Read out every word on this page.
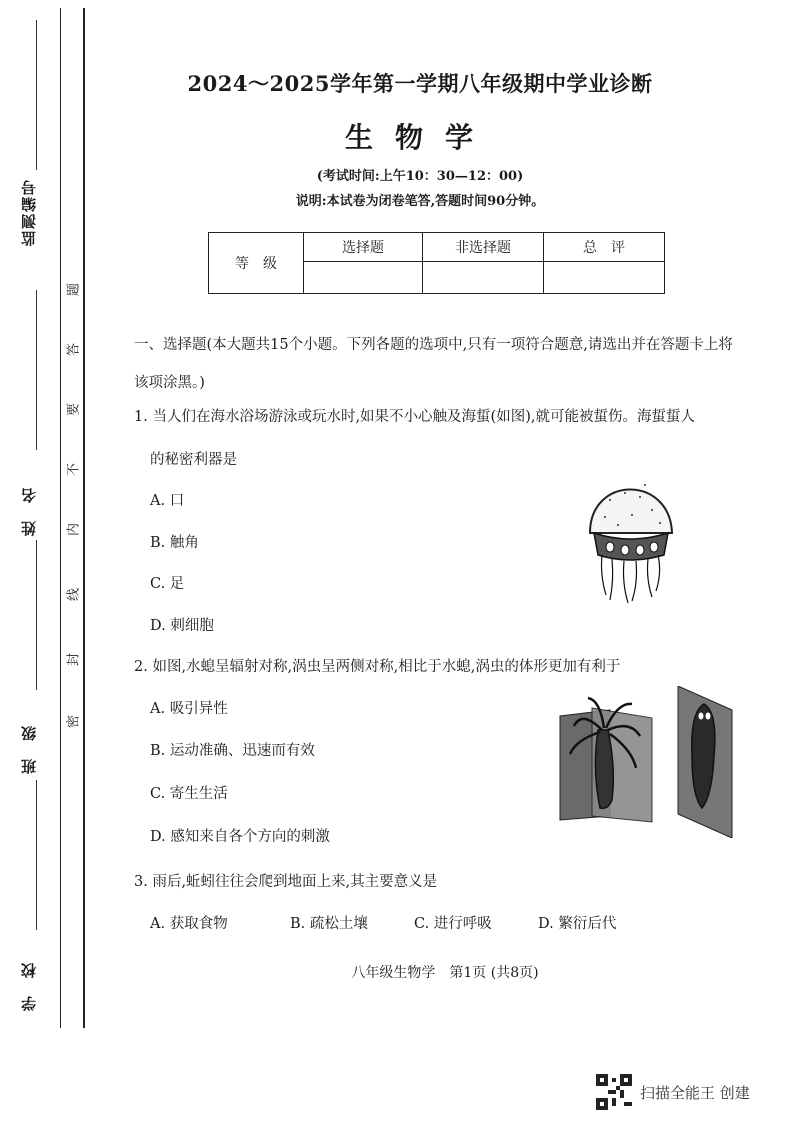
监测编号
姓名
班级
学校
题
答
要
不
内
线
封
密
2024～2025学年第一学期八年级期中学业诊断
生物学
(考试时间:上午10：30—12：00)
说明:本试卷为闭卷笔答,答题时间90分钟。
等　级	选择题	非选择题	总　评

一、选择题(本大题共15个小题。下列各题的选项中,只有一项符合题意,请选出并在答题卡上将该项涂黑。)
1. 当人们在海水浴场游泳或玩水时,如果不小心触及海蜇(如图),就可能被蜇伤。海蜇蜇人
的秘密利器是
A. 口
B. 触角
C. 足
D. 刺细胞
2. 如图,水螅呈辐射对称,涡虫呈两侧对称,相比于水螅,涡虫的体形更加有利于
A. 吸引异性
B. 运动准确、迅速而有效
C. 寄生生活
D. 感知来自各个方向的刺激
3. 雨后,蚯蚓往往会爬到地面上来,其主要意义是
A. 获取食物	B. 疏松土壤	C. 进行呼吸	D. 繁衍后代
八年级生物学　第1页 (共8页)
扫描全能王 创建
